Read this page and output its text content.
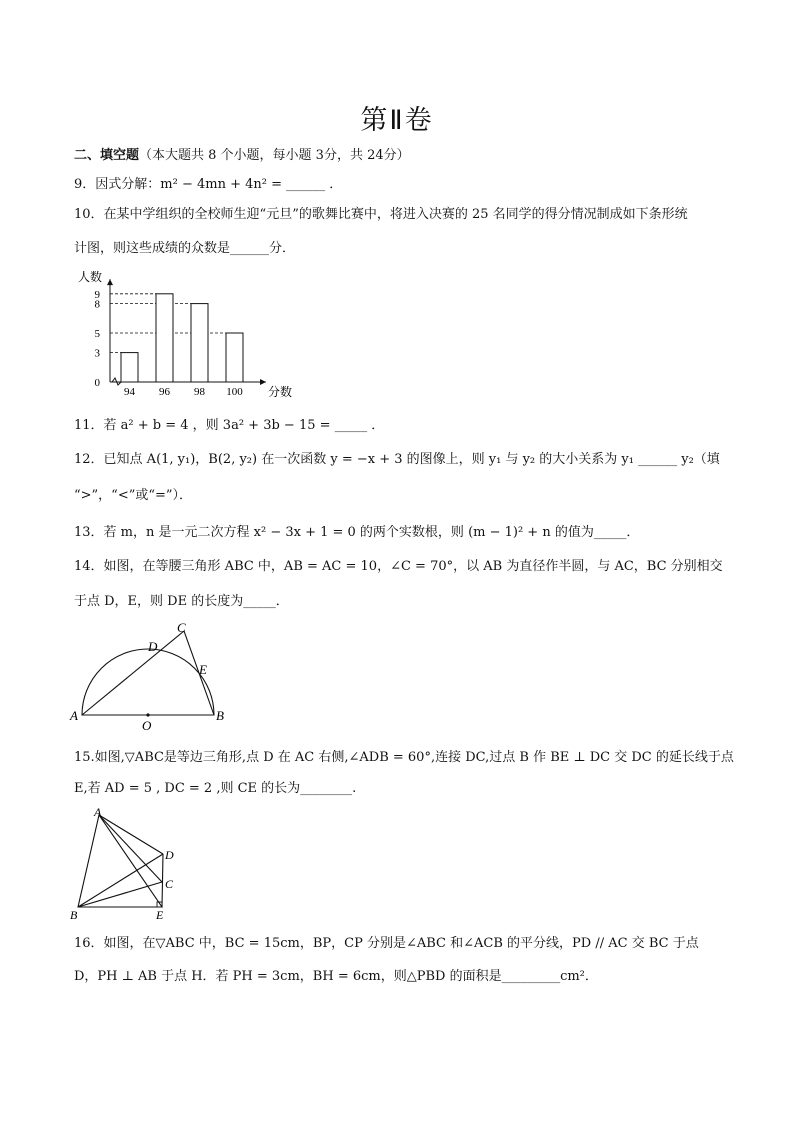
第Ⅱ卷
二、填空题（本大题共 8 个小题，每小题 3分，共 24分）
9．因式分解：m² − 4mn + 4n² = ______ ．
10．在某中学组织的全校师生迎“元旦”的歌舞比赛中，将进入决赛的 25 名同学的得分情况制成如下条形统
计图，则这些成绩的众数是______分．
人数
分数
0
3
5
8
9
94 96 98 100
11．若 a² + b = 4 ，则 3a² + 3b − 15 = _____ ．
12．已知点 A(1, y₁)，B(2, y₂) 在一次函数 y = −x + 3 的图像上，则 y₁ 与 y₂ 的大小关系为 y₁ ______ y₂（填
“>”，“<”或“=”）．
13．若 m，n 是一元二次方程 x² − 3x + 1 = 0 的两个实数根，则 (m − 1)² + n 的值为_____．
14．如图，在等腰三角形 ABC 中，AB = AC = 10，∠C = 70°，以 AB 为直径作半圆，与 AC，BC 分别相交
于点 D，E，则 DE 的长度为_____．
A	B
C
D
E
O
15.如图,▽ABC是等边三角形,点 D 在 AC 右侧,∠ADB = 60°,连接 DC,过点 B 作 BE ⊥ DC 交 DC 的延长线于点
E,若 AD = 5 , DC = 2 ,则 CE 的长为________.
A
B
C
D
E
16．如图，在▽ABC 中，BC = 15cm，BP，CP 分别是∠ABC 和∠ACB 的平分线，PD // AC 交 BC 于点
D，PH ⊥ AB 于点 H．若 PH = 3cm，BH = 6cm，则△PBD 的面积是_________cm²．
